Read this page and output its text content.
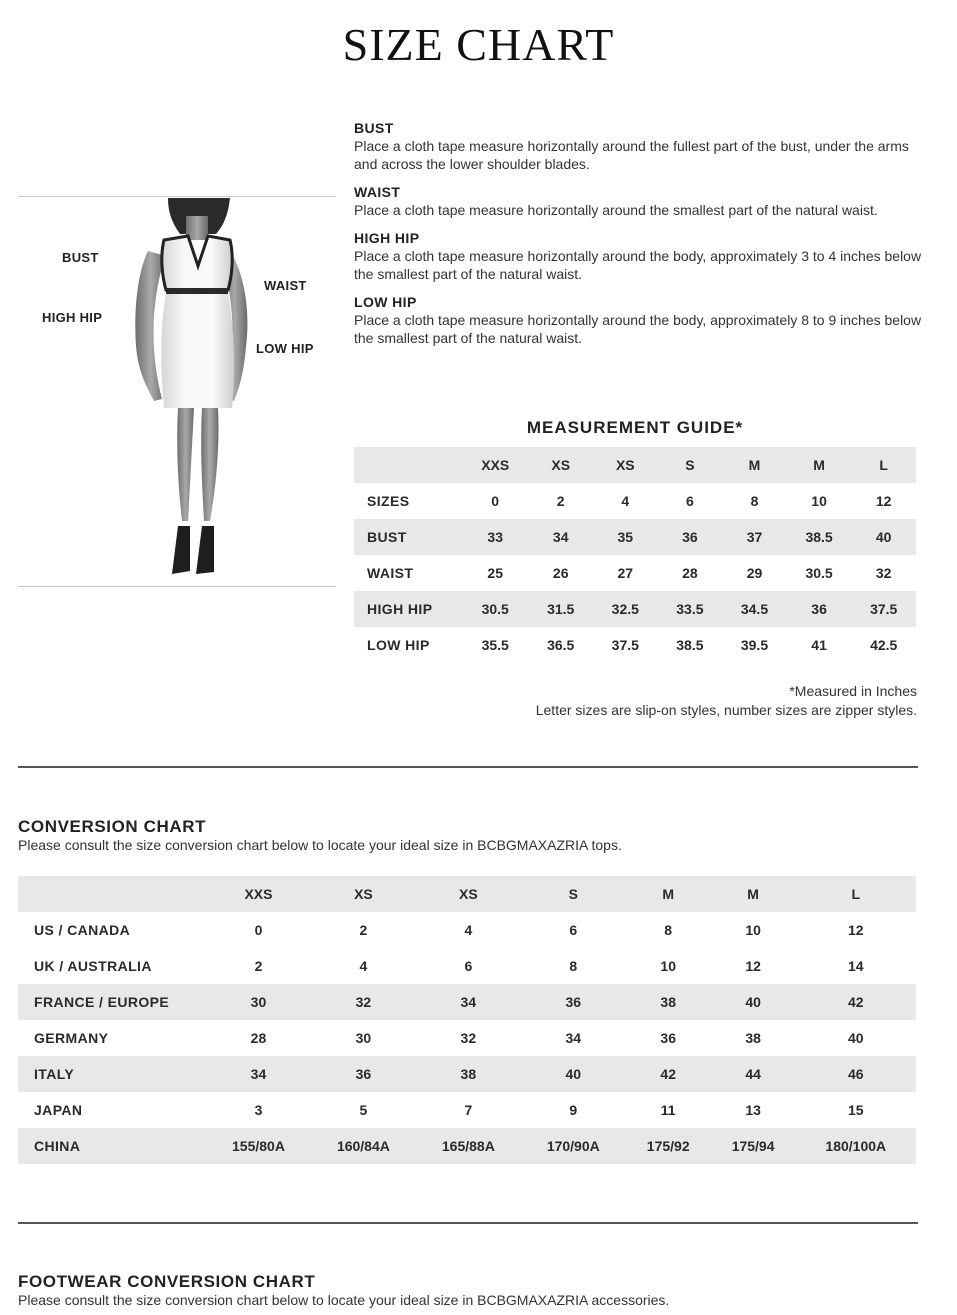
SIZE CHART
BUST
WAIST
HIGH HIP
LOW HIP
BUST
Place a cloth tape measure horizontally around the fullest part of the bust, under the arms and across the lower shoulder blades.
WAIST
Place a cloth tape measure horizontally around the smallest part of the natural waist.
HIGH HIP
Place a cloth tape measure horizontally around the body, approximately 3 to 4 inches below the smallest part of the natural waist.
LOW HIP
Place a cloth tape measure horizontally around the body, approximately 8 to 9 inches below the smallest part of the natural waist.
MEASUREMENT GUIDE*
	XXS	XS	XS	S	M	M	L
SIZES	0	2	4	6	8	10	12
BUST	33	34	35	36	37	38.5	40
WAIST	25	26	27	28	29	30.5	32
HIGH HIP	30.5	31.5	32.5	33.5	34.5	36	37.5
LOW HIP	35.5	36.5	37.5	38.5	39.5	41	42.5
*Measured in Inches
Letter sizes are slip-on styles, number sizes are zipper styles.
CONVERSION CHART
Please consult the size conversion chart below to locate your ideal size in BCBGMAXAZRIA tops.
	XXS	XS	XS	S	M	M	L
US / CANADA	0	2	4	6	8	10	12
UK / AUSTRALIA	2	4	6	8	10	12	14
FRANCE / EUROPE	30	32	34	36	38	40	42
GERMANY	28	30	32	34	36	38	40
ITALY	34	36	38	40	42	44	46
JAPAN	3	5	7	9	11	13	15
CHINA	155/80A	160/84A	165/88A	170/90A	175/92	175/94	180/100A
FOOTWEAR CONVERSION CHART
Please consult the size conversion chart below to locate your ideal size in BCBGMAXAZRIA accessories.
